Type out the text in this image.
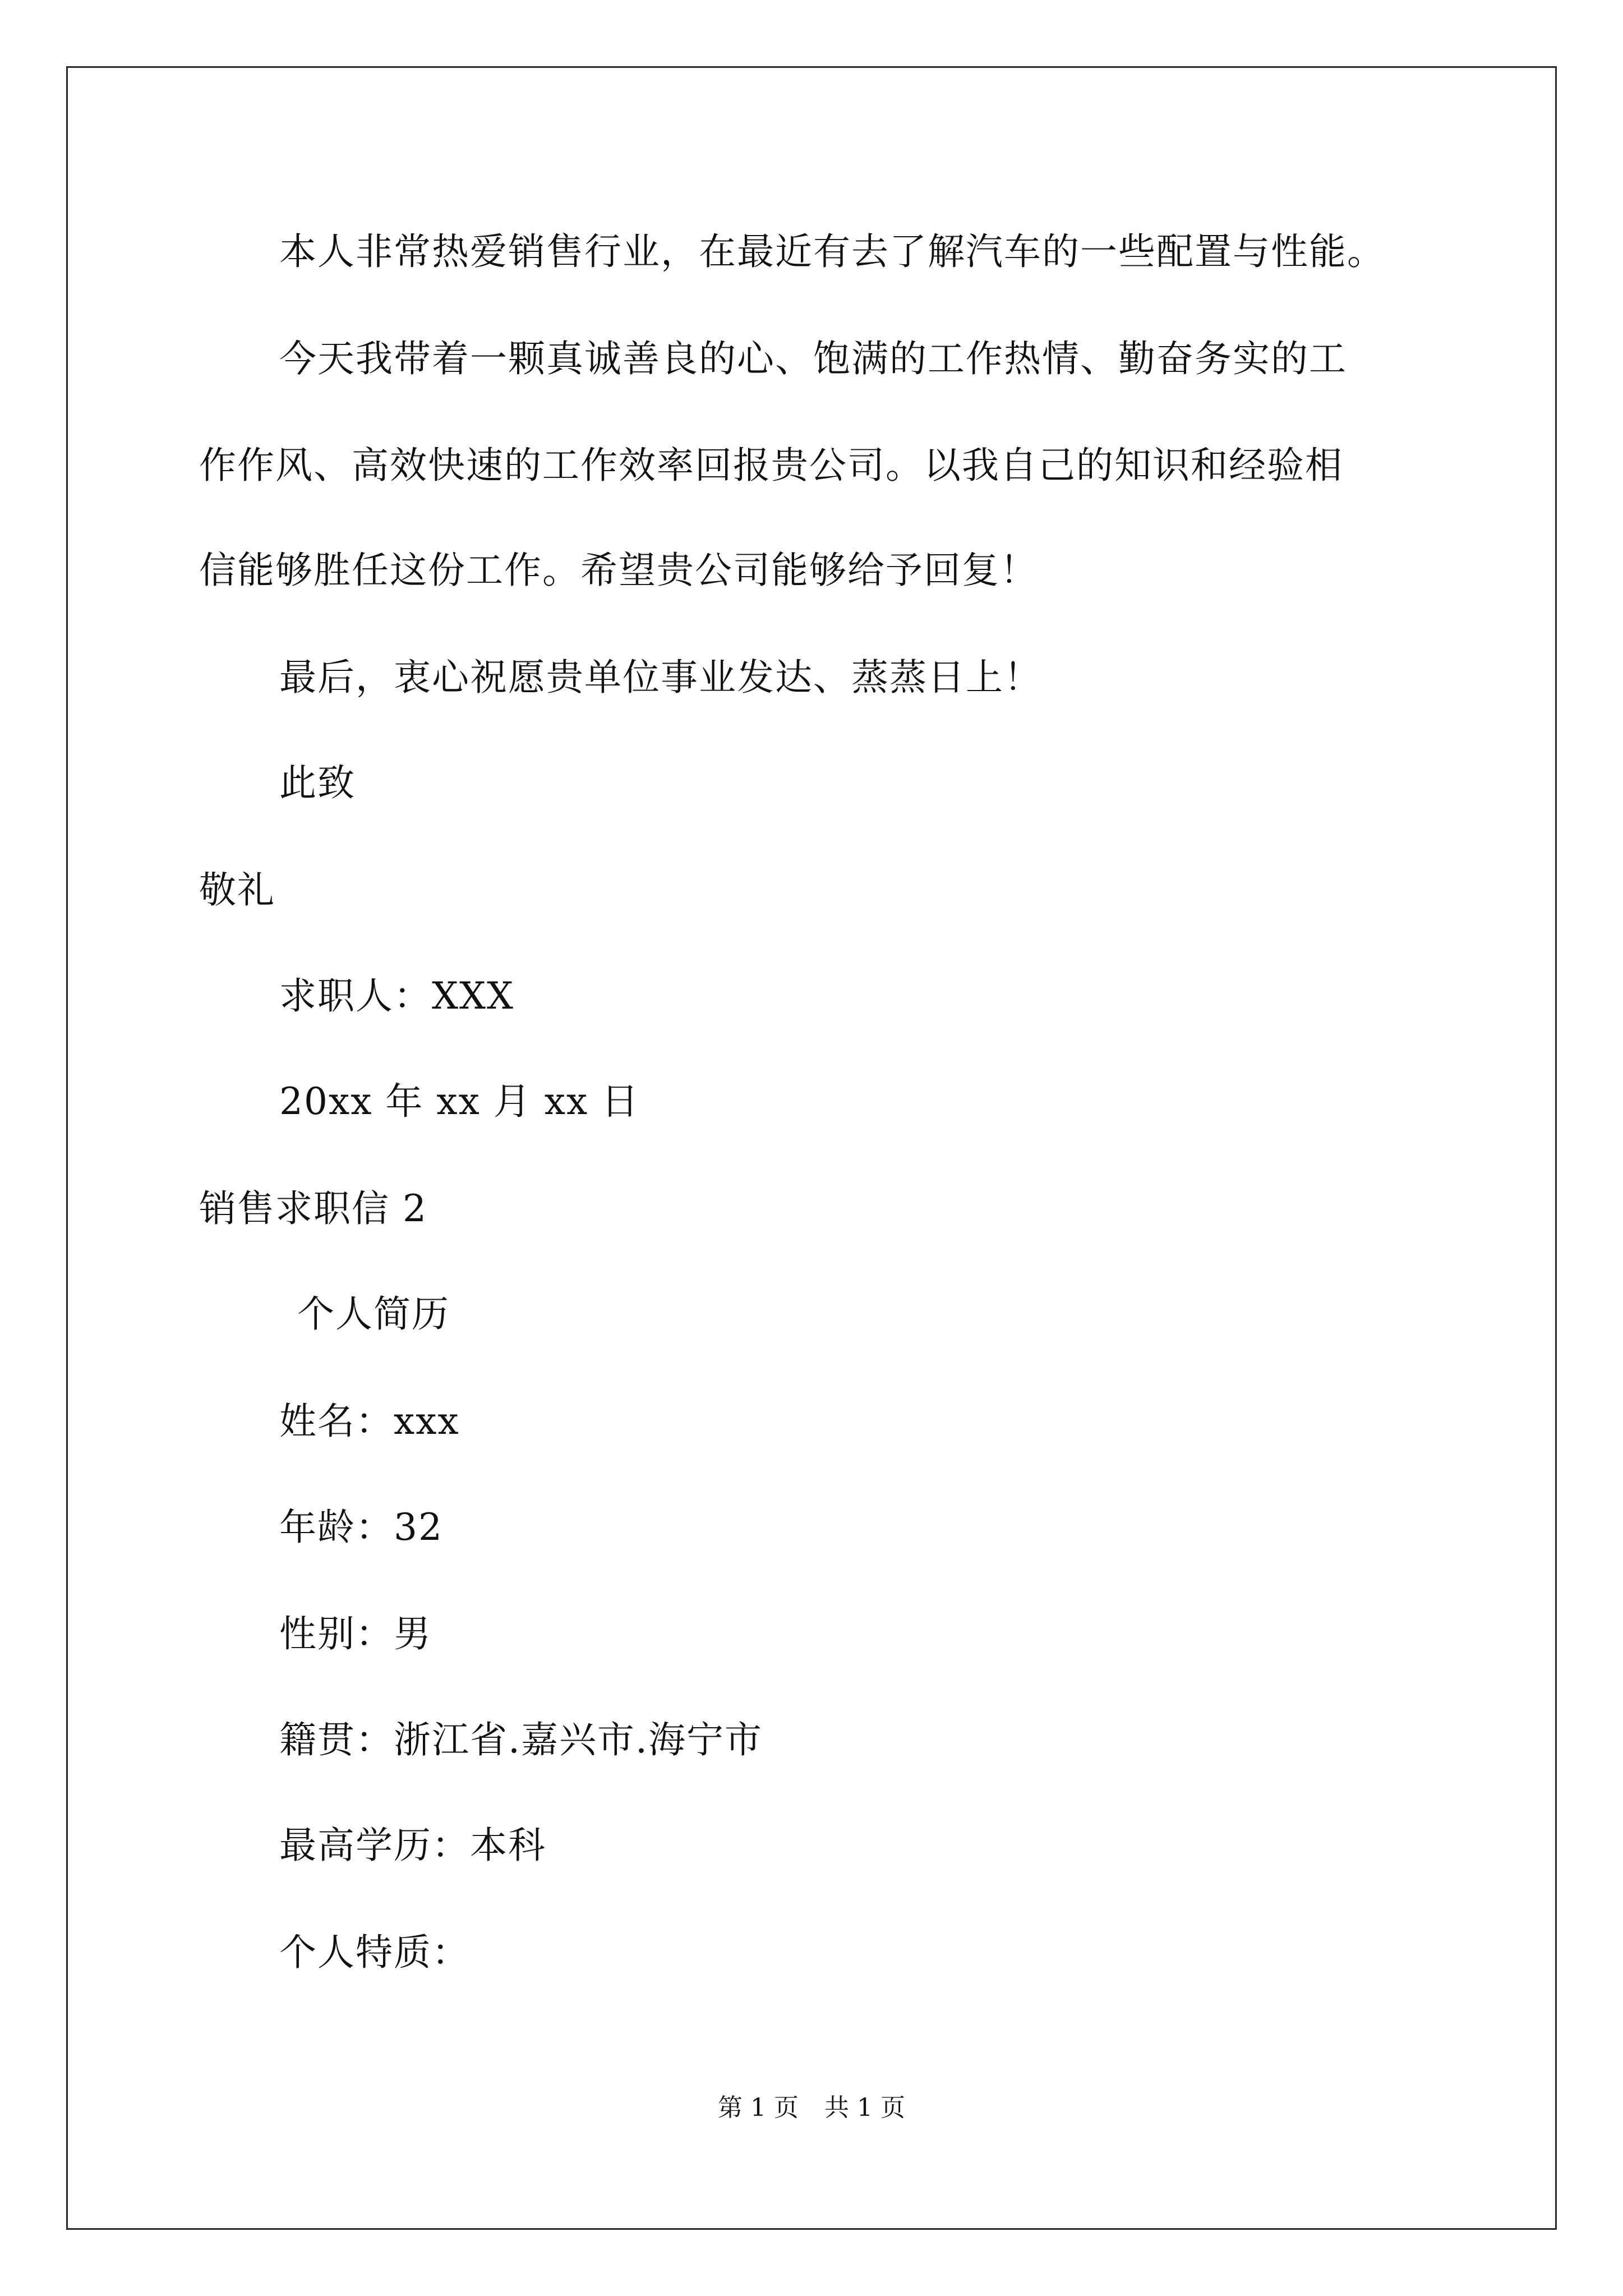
本人非常热爱销售行业，在最近有去了解汽车的一些配置与性能。
今天我带着一颗真诚善良的心、饱满的工作热情、勤奋务实的工
作作风、高效快速的工作效率回报贵公司。以我自己的知识和经验相
信能够胜任这份工作。希望贵公司能够给予回复！
最后，衷心祝愿贵单位事业发达、蒸蒸日上！
此致
敬礼
求职人：XXX
20xx 年 xx 月 xx 日
销售求职信 2
个人简历
姓名：xxx
年龄：32
性别：男
籍贯：浙江省.嘉兴市.海宁市
最高学历：本科
个人特质：
第 1 页 共 1 页
